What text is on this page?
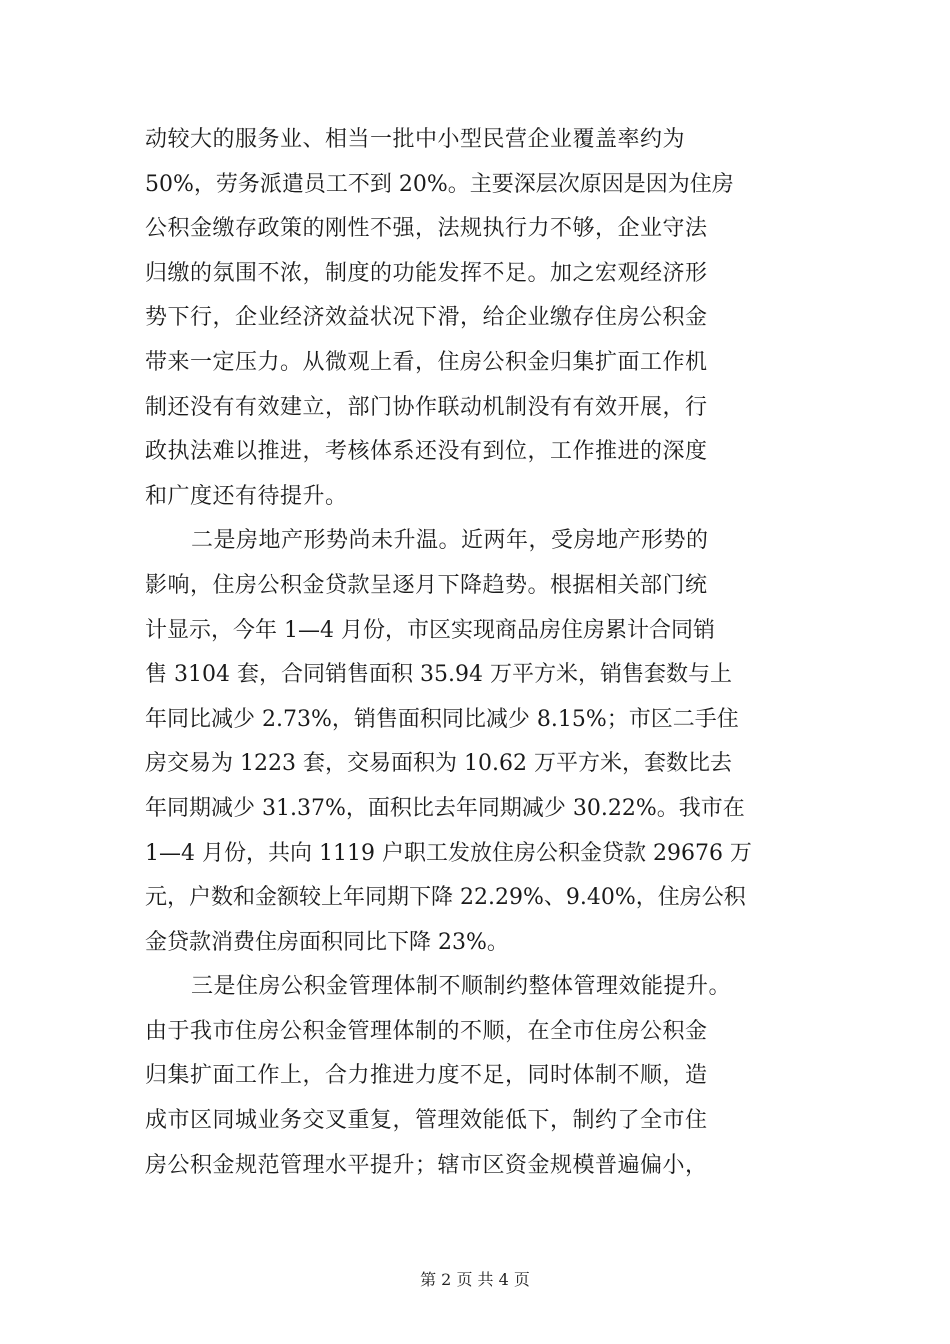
动较大的服务业、相当一批中小型民营企业覆盖率约为
50%，劳务派遣员工不到 20%。主要深层次原因是因为住房
公积金缴存政策的刚性不强，法规执行力不够，企业守法
归缴的氛围不浓，制度的功能发挥不足。加之宏观经济形
势下行，企业经济效益状况下滑，给企业缴存住房公积金
带来一定压力。从微观上看，住房公积金归集扩面工作机
制还没有有效建立，部门协作联动机制没有有效开展，行
政执法难以推进，考核体系还没有到位，工作推进的深度
和广度还有待提升。
二是房地产形势尚未升温。近两年，受房地产形势的
影响，住房公积金贷款呈逐月下降趋势。根据相关部门统
计显示，今年 1—4 月份，市区实现商品房住房累计合同销
售 3104 套，合同销售面积 35.94 万平方米，销售套数与上
年同比减少 2.73%，销售面积同比减少 8.15%；市区二手住
房交易为 1223 套，交易面积为 10.62 万平方米，套数比去
年同期减少 31.37%，面积比去年同期减少 30.22%。我市在
1—4 月份，共向 1119 户职工发放住房公积金贷款 29676 万
元，户数和金额较上年同期下降 22.29%、9.40%，住房公积
金贷款消费住房面积同比下降 23%。
三是住房公积金管理体制不顺制约整体管理效能提升。
由于我市住房公积金管理体制的不顺，在全市住房公积金
归集扩面工作上，合力推进力度不足，同时体制不顺，造
成市区同城业务交叉重复，管理效能低下，制约了全市住
房公积金规范管理水平提升；辖市区资金规模普遍偏小，
第 2 页 共 4 页
